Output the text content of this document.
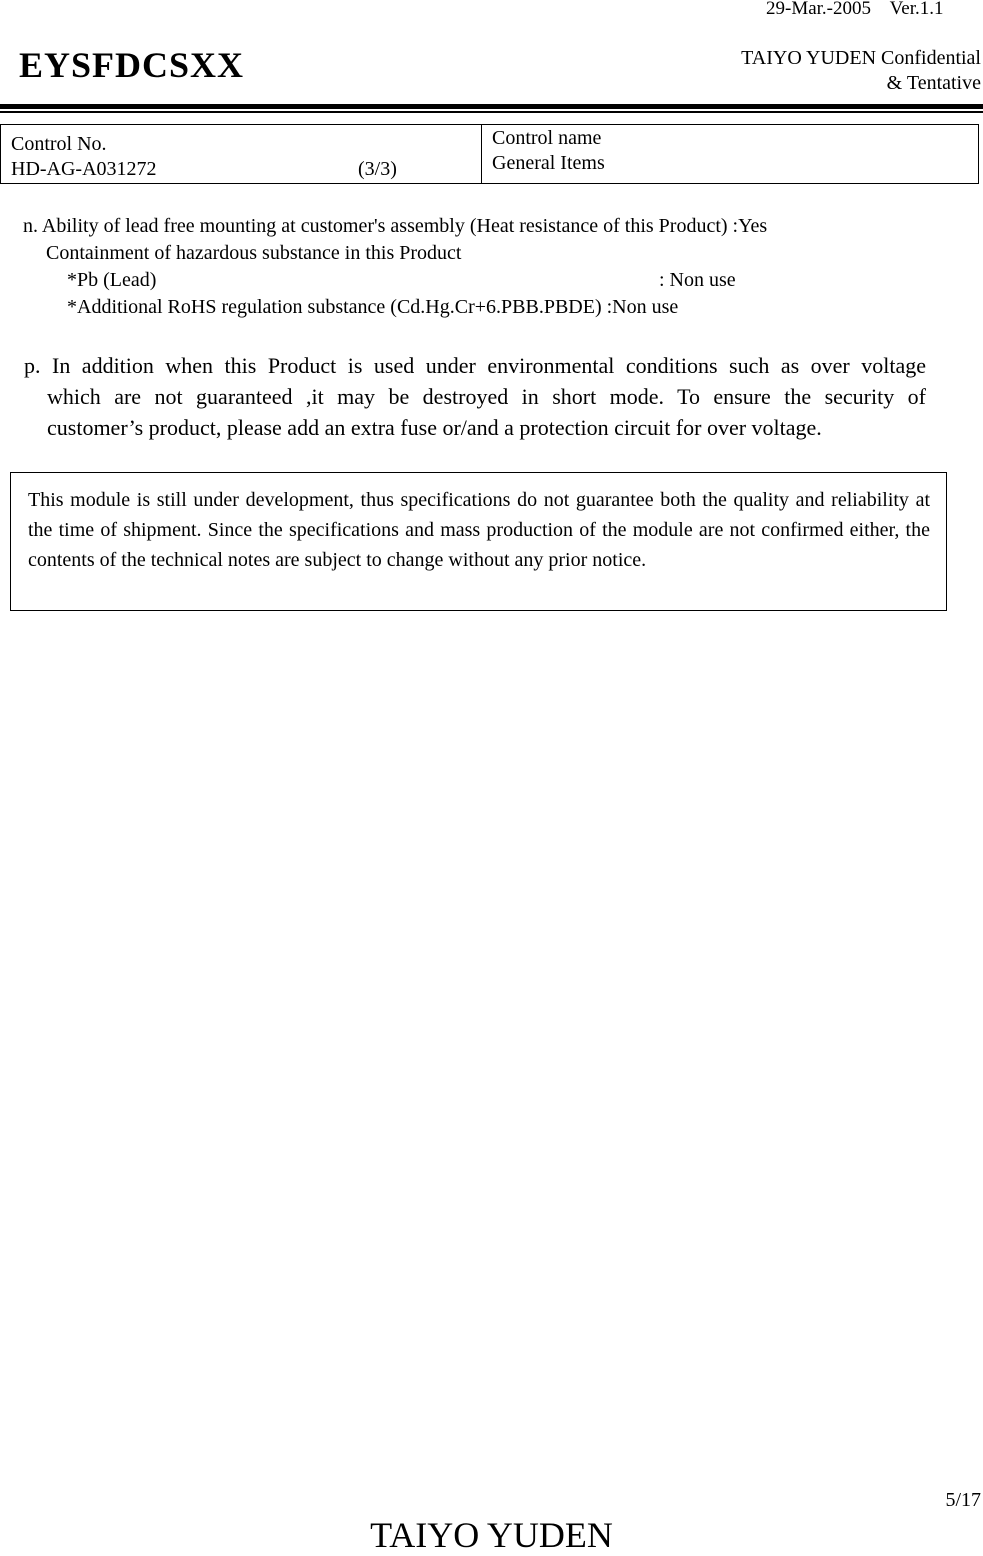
29-Mar.-2005    Ver.1.1
EYSFDCSXX	TAIYO YUDEN Confidential
& Tentative
Control No.
HD-AG-A031272	(3/3)
Control name
General Items
n. Ability of lead free mounting at customer's assembly (Heat resistance of this Product) :Yes
Containment of hazardous substance in this Product
*Pb (Lead)	: Non use
*Additional RoHS regulation substance (Cd.Hg.Cr+6.PBB.PBDE) :Non use
p. In addition when this Product is used under environmental conditions such as over voltage
which are not guaranteed ,it may be destroyed in short mode. To ensure the security of
customer’s product, please add an extra fuse or/and a protection circuit for over voltage.
This module is still under development, thus specifications do not guarantee both the quality and reliability at the time of shipment. Since the specifications and mass production of the module are not confirmed either, the contents of the technical notes are subject to change without any prior notice.
5/17
TAIYO YUDEN
